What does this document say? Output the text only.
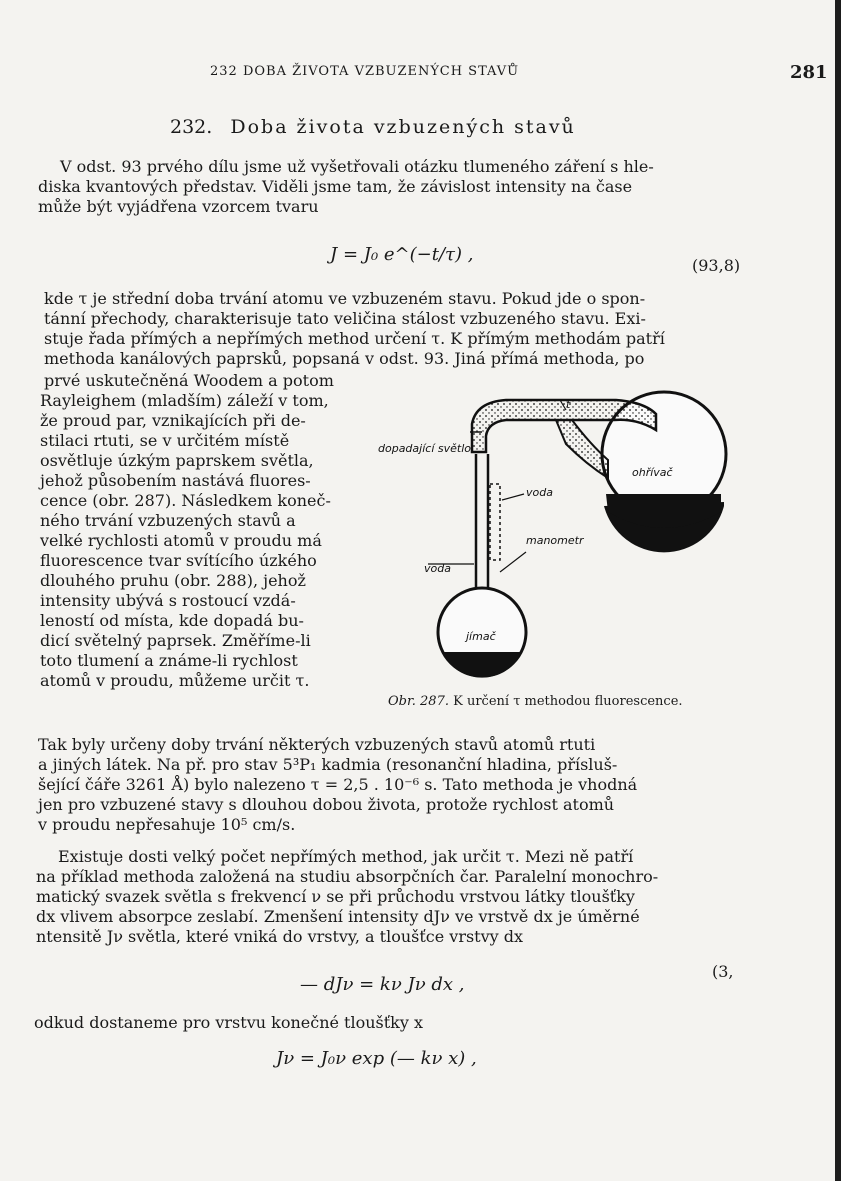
232 DOBA ŽIVOTA VZBUZENÝCH STAVŮ	281
232. Doba života vzbuzených stavů

V odst. 93 prvého dílu jsme už vyšetřovali otázku tlumeného záření s hle-

diska kvantových představ. Viděli jsme tam, že závislost intensity na čase

může být vyjádřena vzorcem tvaru

J = J₀ e^(−t/τ) ,
(93,8)

kde τ je střední doba trvání atomu ve vzbuzeném stavu. Pokud jde o spon-

tánní přechody, charakterisuje tato veličina stálost vzbuzeného stavu. Exi-

stuje řada přímých a nepřímých method určení τ. K přímým methodám patří

methoda kanálových paprsků, popsaná v odst. 93. Jiná přímá methoda, po

prvé uskutečněná Woodem a potom

Rayleighem (mladším) záleží v tom,

že proud par, vznikajících při de-

stilaci rtuti, se v určitém místě

osvětluje úzkým paprskem světla,

jehož působením nastává fluores-

cence (obr. 287). Následkem koneč-

ného trvání vzbuzených stavů a

velké rychlosti atomů v proudu má

fluorescence tvar svítícího úzkého

dlouhého pruhu (obr. 288), jehož

intensity ubývá s rostoucí vzdá-

leností od místa, kde dopadá bu-

dicí světelný paprsek. Změříme-li

toto tlumení a známe-li rychlost

atomů v proudu, můžeme určit τ.

dopadající světlo
ohřívač
voda
manometr
voda
jímač
t
Obr. 287. K určení τ methodou fluorescence.

Tak byly určeny doby trvání některých vzbuzených stavů atomů rtuti

a jiných látek. Na př. pro stav 5³P₁ kadmia (resonanční hladina, přísluš-

šející čáře 3261 Å) bylo nalezeno τ = 2,5 . 10⁻⁶ s. Tato methoda je vhodná

jen pro vzbuzené stavy s dlouhou dobou života, protože rychlost atomů

v proudu nepřesahuje 10⁵ cm/s.

Existuje dosti velký počet nepřímých method, jak určit τ. Mezi ně patří

na příklad methoda založená na studiu absorpčních čar. Paralelní monochro-

matický svazek světla s frekvencí ν se při průchodu vrstvou látky tloušťky

dx vlivem absorpce zeslabí. Zmenšení intensity dJν ve vrstvě dx je úměrné

ntensitě Jν světla, které vniká do vrstvy, a tloušťce vrstvy dx

— dJν = kν Jν dx ,
(3,

odkud dostaneme pro vrstvu konečné tloušťky x

Jν = J₀ν exp (— kν x) ,
